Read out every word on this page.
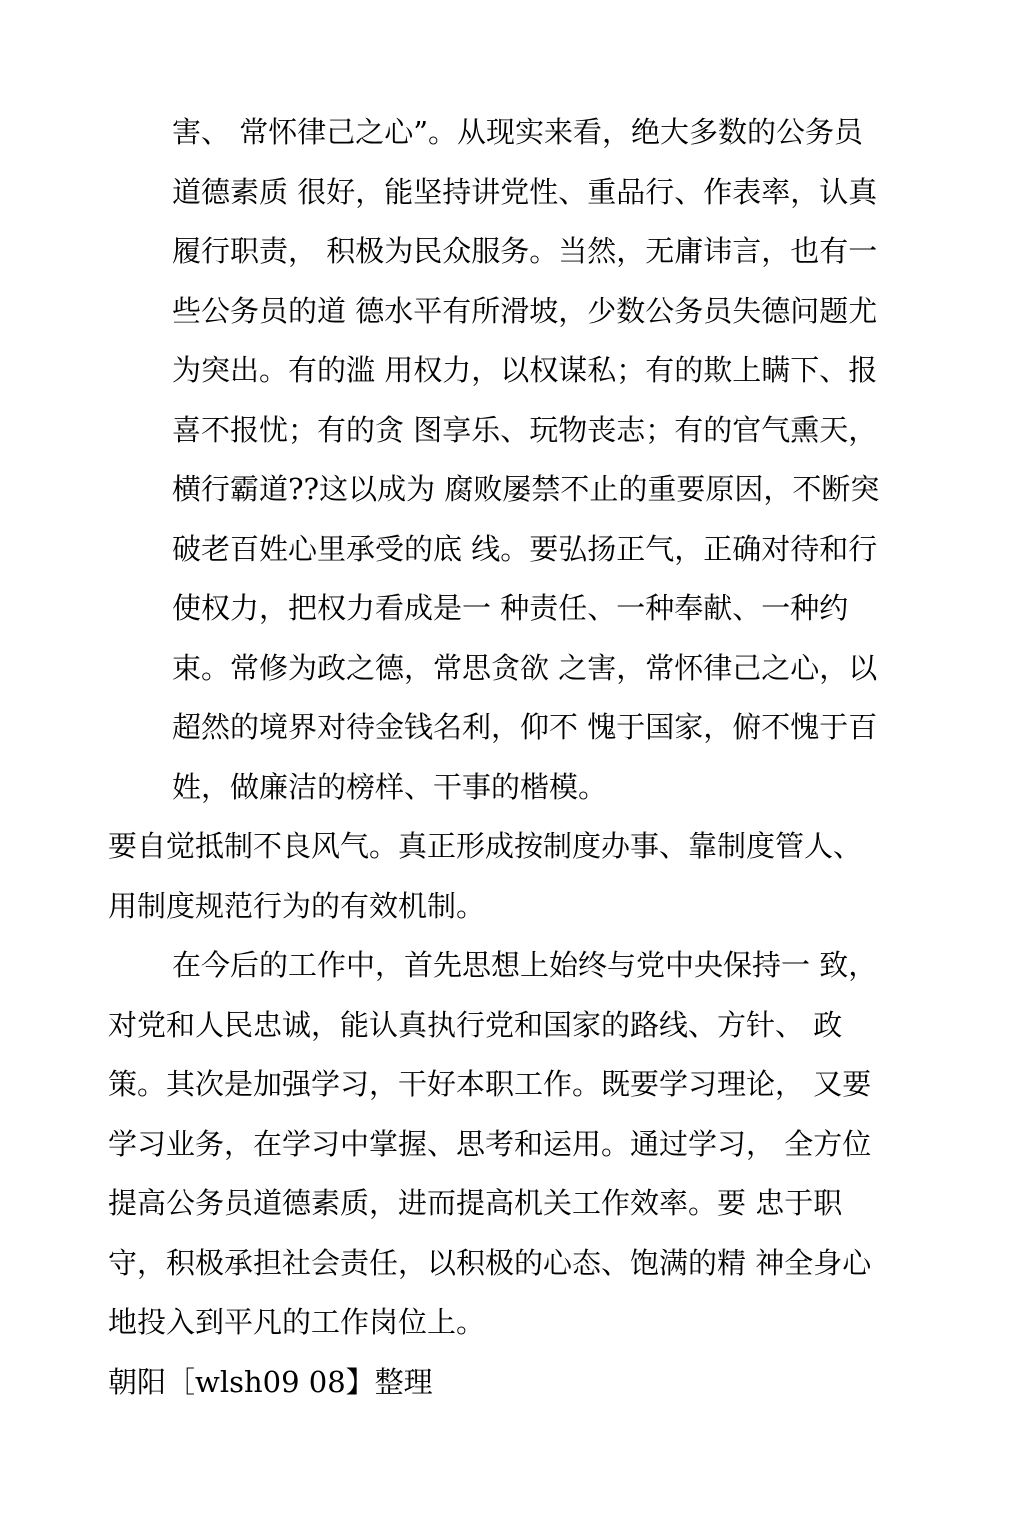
害、 常怀律己之心”。从现实来看，绝大多数的公务员
道德素质 很好，能坚持讲党性、重品行、作表率，认真
履行职责， 积极为民众服务。当然，无庸讳言，也有一
些公务员的道 德水平有所滑坡，少数公务员失德问题尤
为突出。有的滥 用权力，以权谋私；有的欺上瞒下、报
喜不报忧；有的贪 图享乐、玩物丧志；有的官气熏天，
横行霸道??这以成为 腐败屡禁不止的重要原因，不断突
破老百姓心里承受的底 线。要弘扬正气，正确对待和行
使权力，把权力看成是一 种责任、一种奉献、一种约
束。常修为政之德，常思贪欲 之害，常怀律己之心，以
超然的境界对待金钱名利，仰不 愧于国家，俯不愧于百
姓，做廉洁的榜样、干事的楷模。
要自觉抵制不良风气。真正形成按制度办事、靠制度管人、
用制度规范行为的有效机制。
在今后的工作中，首先思想上始终与党中央保持一 致，
对党和人民忠诚，能认真执行党和国家的路线、方针、 政
策。其次是加强学习，干好本职工作。既要学习理论， 又要
学习业务，在学习中掌握、思考和运用。通过学习， 全方位
提高公务员道德素质，进而提高机关工作效率。要 忠于职
守，积极承担社会责任，以积极的心态、饱满的精 神全身心
地投入到平凡的工作岗位上。
朝阳［wlsh09 08】整理
